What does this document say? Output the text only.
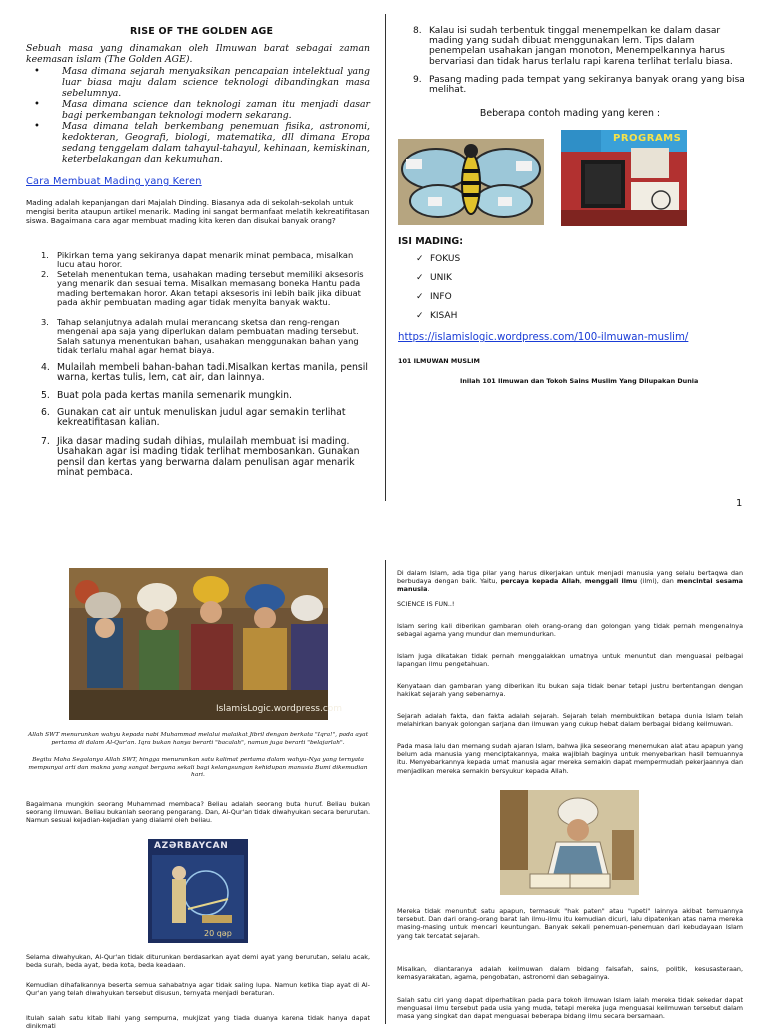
RISE OF THE GOLDEN AGE
Sebuah masa yang dinamakan oleh Ilmuwan barat sebagai zaman keemasan islam (The Golden AGE).
• Masa dimana sejarah menyaksikan pencapaian intelektual yang luar biasa maju dalam science teknologi dibandingkan masa sebelumnya.
• Masa dimana science dan teknologi zaman itu menjadi dasar bagi perkembangan teknologi modern sekarang.
• Masa dimana telah berkembang penemuan fisika, astronomi, kedokteran, Geografi, biologi, matematika, dll dimana Eropa sedang tenggelam dalam tahayul-tahayul, kehinaan, kemiskinan, keterbelakangan dan kekumuhan.
Cara Membuat Mading yang Keren
Mading adalah kepanjangan dari Majalah Dinding. Biasanya ada di sekolah-sekolah untuk mengisi berita ataupun artikel menarik. Mading ini sangat bermanfaat melatih kekreatifitasan siswa. Bagaimana cara agar membuat mading kita keren dan disukai banyak orang?
1. Pikirkan tema yang sekiranya dapat menarik minat pembaca, misalkan lucu atau horor.
2. Setelah menentukan tema, usahakan mading tersebut memiliki aksesoris yang menarik dan sesuai tema. Misalkan memasang boneka Hantu pada mading bertemakan horor. Akan tetapi aksesoris ini lebih baik jika dibuat pada akhir pembuatan mading agar tidak menyita banyak waktu.
3. Tahap selanjutnya adalah mulai merancang sketsa dan reng-rengan mengenai apa saja yang diperlukan dalam pembuatan mading tersebut. Salah satunya menentukan bahan, usahakan menggunakan bahan yang tidak terlalu mahal agar hemat biaya.
4. Mulailah membeli bahan-bahan tadi.Misalkan kertas manila, pensil warna, kertas tulis, lem, cat air, dan lainnya.
5. Buat pola pada kertas manila semenarik mungkin.
6. Gunakan cat air untuk menuliskan judul agar semakin terlihat kekreatifitasan kalian.
7. Jika dasar mading sudah dihias, mulailah membuat isi mading. Usahakan agar isi mading tidak terlihat membosankan. Gunakan pensil dan kertas yang berwarna dalam penulisan agar menarik minat pembaca.
8. Kalau isi sudah terbentuk tinggal menempelkan ke dalam dasar mading yang sudah dibuat menggunakan lem. Tips dalam penempelan usahakan jangan monoton, Menempelkannya harus bervariasi dan tidak harus terlalu rapi karena terlihat terlalu biasa.
9. Pasang mading pada tempat yang sekiranya banyak orang yang bisa melihat.
Beberapa contoh mading yang keren :
PROGRAMS
ISI MADING:
✓ FOKUS
✓ UNIK
✓ INFO
✓ KISAH
https://islamislogic.wordpress.com/100-ilmuwan-muslim/
101 ILMUWAN MUSLIM
Inilah 101 Ilmuwan dan Tokoh Sains Muslim Yang Dilupakan Dunia
1
IslamisLogic.wordpress.com
Allah SWT menurunkan wahyu kepada nabi Muhammad melalui malaikat Jibril dengan berkata "Iqra!", pada ayat pertama di dalam Al-Qur'an. Iqra bukan hanya berarti "bacalah", namun juga berarti "belajarlah".
Begitu Maha Segalanya Allah SWT, hingga menurunkan satu kalimat pertama dalam wahyu-Nya yang ternyata mempunyai arti dan makna yang sangat berguna sekali bagi kelangsungan kehidupan manusia Bumi dikemudian hari.
Bagaimana mungkin seorang Muhammad membaca? Beliau adalah seorang buta huruf. Beliau bukan seorang ilmuwan. Beliau bukanlah seorang pengarang. Dan, Al-Qur'an tidak diwahyukan secara berurutan. Namun sesuai kejadian-kejadian yang dialami oleh beliau.
AZƏRBAYCAN
20 qəp
Selama diwahyukan, Al-Qur'an tidak diturunkan berdasarkan ayat demi ayat yang berurutan, selalu acak, beda surah, beda ayat, beda kota, beda keadaan.
Kemudian dihafalkannya beserta semua sahabatnya agar tidak saling lupa. Namun ketika tiap ayat di Al-Qur'an yang telah diwahyukan tersebut disusun, ternyata menjadi beraturan.
Itulah salah satu kitab Ilahi yang sempurna, mukjizat yang tiada duanya karena tidak hanya dapat dinikmati
Di dalam Islam, ada tiga pilar yang harus dikerjakan untuk menjadi manusia yang selalu bertaqwa dan berbudaya dengan baik. Yaitu, percaya kepada Allah, menggali ilmu (ilmi), dan mencintai sesama manusia.
SCIENCE IS FUN..!
Islam sering kali diberikan gambaran oleh orang-orang dan golongan yang tidak pernah mengenalnya sebagai agama yang mundur dan memundurkan.
Islam juga dikatakan tidak pernah menggalakkan umatnya untuk menuntut dan menguasai pelbagai lapangan ilmu pengetahuan.
Kenyataan dan gambaran yang diberikan itu bukan saja tidak benar tetapi justru bertentangan dengan hakikat sejarah yang sebenarnya.
Sejarah adalah fakta, dan fakta adalah sejarah. Sejarah telah membuktikan betapa dunia Islam telah melahirkan banyak golongan sarjana dan ilmuwan yang cukup hebat dalam berbagai bidang keilmuwan.
Pada masa lalu dan memang sudah ajaran Islam, bahwa jika seseorang menemukan alat atau apapun yang belum ada manusia yang menciptakannya, maka wajiblah baginya untuk menyebarkan hasil temuannya itu. Menyebarkannya kepada umat manusia agar mereka semakin dapat mempermudah pekerjaannya dan menjadikan mereka semakin bersyukur kepada Allah.
Mereka tidak menuntut satu apapun, termasuk "hak paten" atau "upeti" lainnya akibat temuannya tersebut. Dan dari orang-orang barat lah ilmu-ilmu itu kemudian dicuri, lalu dipatenkan atas nama mereka masing-masing untuk mencari keuntungan. Banyak sekali penemuan-penemuan dari kebudayaan Islam yang tak tercatat sejarah.
Misalkan, diantaranya adalah keilmuwan dalam bidang falsafah, sains, politik, kesusasteraan, kemasyarakatan, agama, pengobatan, astronomi dan sebagainya.
Salah satu ciri yang dapat diperhatikan pada para tokoh ilmuwan Islam ialah mereka tidak sekedar dapat menguasai ilmu tersebut pada usia yang muda, tetapi mereka juga menguasai keilmuwan tersebut dalam masa yang singkat dan dapat menguasai beberapa bidang ilmu secara bersamaan.
